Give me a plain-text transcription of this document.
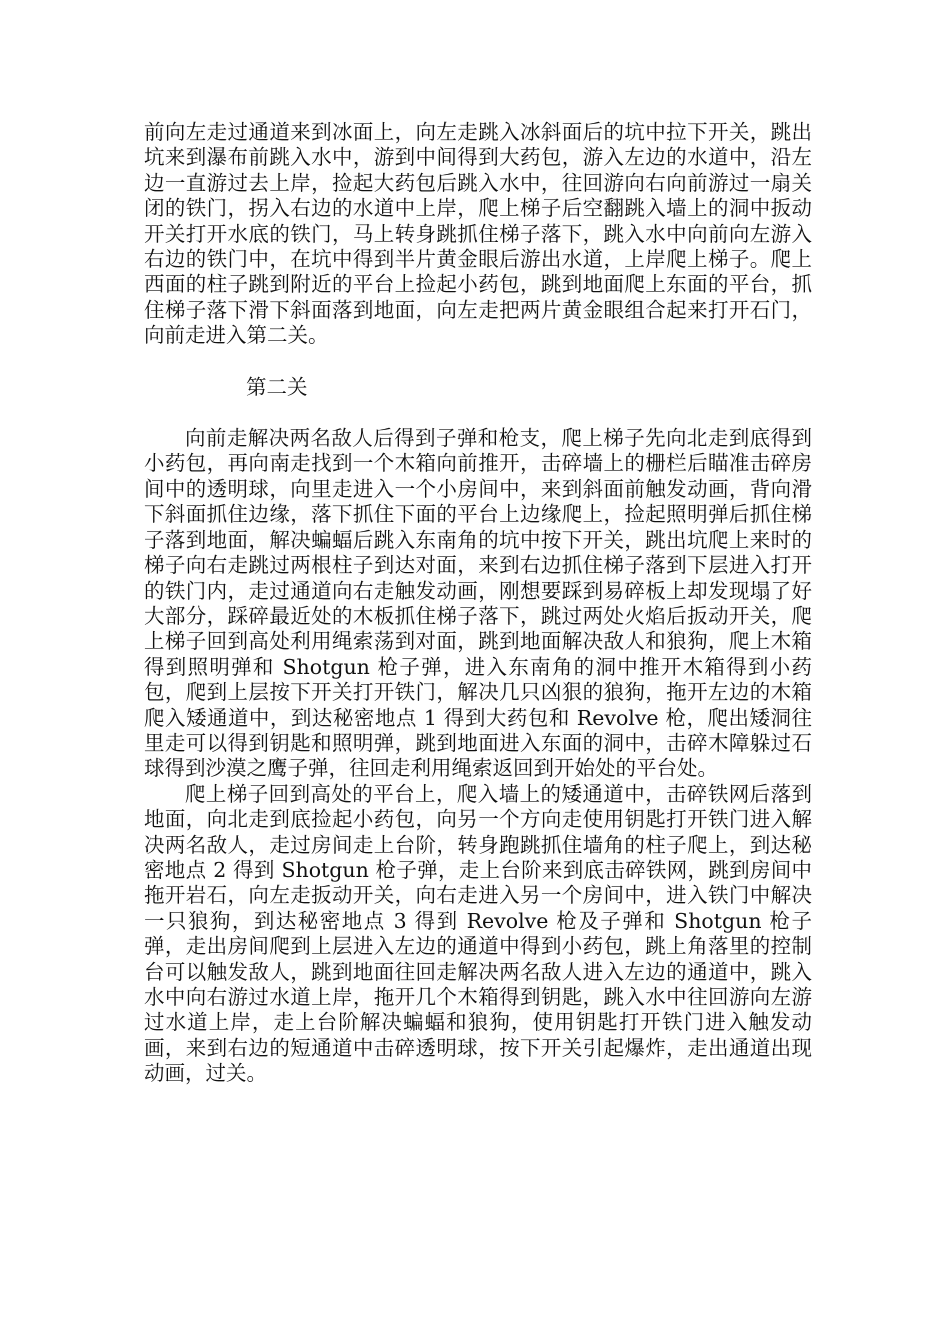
前向左走过通道来到冰面上，向左走跳入冰斜面后的坑中拉下开关，跳出坑来到瀑布前跳入水中，游到中间得到大药包，游入左边的水道中，沿左边一直游过去上岸，捡起大药包后跳入水中，往回游向右向前游过一扇关闭的铁门，拐入右边的水道中上岸，爬上梯子后空翻跳入墙上的洞中扳动开关打开水底的铁门，马上转身跳抓住梯子落下，跳入水中向前向左游入右边的铁门中，在坑中得到半片黄金眼后游出水道，上岸爬上梯子。爬上西面的柱子跳到附近的平台上捡起小药包，跳到地面爬上东面的平台，抓住梯子落下滑下斜面落到地面，向左走把两片黄金眼组合起来打开石门，向前走进入第二关。

第二关

向前走解决两名敌人后得到子弹和枪支，爬上梯子先向北走到底得到小药包，再向南走找到一个木箱向前推开，击碎墙上的栅栏后瞄准击碎房间中的透明球，向里走进入一个小房间中，来到斜面前触发动画，背向滑下斜面抓住边缘，落下抓住下面的平台上边缘爬上，捡起照明弹后抓住梯子落到地面，解决蝙蝠后跳入东南角的坑中按下开关，跳出坑爬上来时的梯子向右走跳过两根柱子到达对面，来到右边抓住梯子落到下层进入打开的铁门内，走过通道向右走触发动画，刚想要踩到易碎板上却发现塌了好大部分，踩碎最近处的木板抓住梯子落下，跳过两处火焰后扳动开关，爬上梯子回到高处利用绳索荡到对面，跳到地面解决敌人和狼狗，爬上木箱得到照明弹和 Shotgun 枪子弹，进入东南角的洞中推开木箱得到小药包，爬到上层按下开关打开铁门，解决几只凶狠的狼狗，拖开左边的木箱爬入矮通道中，到达秘密地点 1 得到大药包和 Revolve 枪，爬出矮洞往里走可以得到钥匙和照明弹，跳到地面进入东面的洞中，击碎木障躲过石球得到沙漠之鹰子弹，往回走利用绳索返回到开始处的平台处。

爬上梯子回到高处的平台上，爬入墙上的矮通道中，击碎铁网后落到地面，向北走到底捡起小药包，向另一个方向走使用钥匙打开铁门进入解决两名敌人，走过房间走上台阶，转身跑跳抓住墙角的柱子爬上，到达秘密地点 2 得到 Shotgun 枪子弹，走上台阶来到底击碎铁网，跳到房间中拖开岩石，向左走扳动开关，向右走进入另一个房间中，进入铁门中解决一只狼狗，到达秘密地点 3 得到 Revolve 枪及子弹和 Shotgun 枪子弹，走出房间爬到上层进入左边的通道中得到小药包，跳上角落里的控制台可以触发敌人，跳到地面往回走解决两名敌人进入左边的通道中，跳入水中向右游过水道上岸，拖开几个木箱得到钥匙，跳入水中往回游向左游过水道上岸，走上台阶解决蝙蝠和狼狗，使用钥匙打开铁门进入触发动画，来到右边的短通道中击碎透明球，按下开关引起爆炸，走出通道出现动画，过关。
